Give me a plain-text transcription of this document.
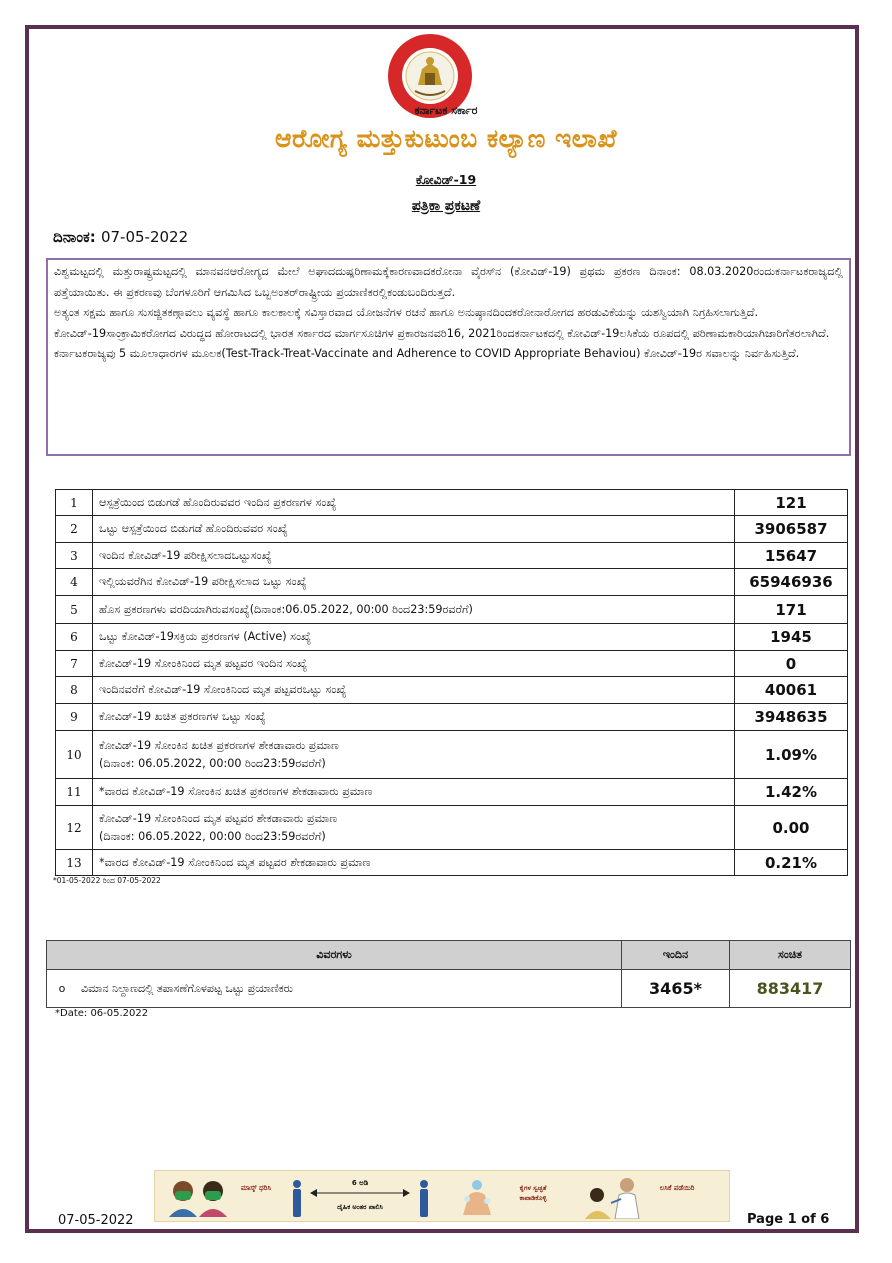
ಕರ್ನಾಟಕ ಸರ್ಕಾರ
ಆರೋಗ್ಯ ಮತ್ತುಕುಟುಂಬ ಕಲ್ಯಾಣ ಇಲಾಖೆ
ಕೋವಿಡ್-19
ಪತ್ರಿಕಾ ಪ್ರಕಟಣೆ
ದಿನಾಂಕ: 07-05-2022

ವಿಶ್ವಮಟ್ಟದಲ್ಲಿ ಮತ್ತುರಾಷ್ಟ್ರಮಟ್ಟದಲ್ಲಿ ಮಾನವನಆರೋಗ್ಯದ ಮೇಲೆ ಅಘಾದದುಷ್ಪರಿಣಾಮಕ್ಕೆಕಾರಣವಾದಕರೋನಾ ವೈರಸ್‍ನ (ಕೋವಿಡ್-19) ಪ್ರಥಮ ಪ್ರಕರಣ ದಿನಾಂಕ: 08.03.2020ರಂದುಕರ್ನಾಟಕರಾಜ್ಯದಲ್ಲಿ ಪತ್ತೆಯಾಯಿತು. ಈ ಪ್ರಕರಣವು ಬೆಂಗಳೂರಿಗೆ ಆಗಮಿಸಿದ ಒಬ್ಬಅಂತರ್‌ರಾಷ್ಟ್ರೀಯ ಪ್ರಯಾಣಿಕರಲ್ಲಿಕಂಡುಬಂದಿರುತ್ತದೆ.

ಅತ್ಯಂತ ಸಕ್ಷಮ ಹಾಗೂ ಸುಸಜ್ಜಿತಕಣ್ಗಾವಲು ವ್ಯವಸ್ಥೆ ಹಾಗೂ ಕಾಲಕಾಲಕ್ಕೆ ಸವಿಸ್ತಾರವಾದ ಯೋಜನೆಗಳ ರಚನೆ ಹಾಗೂ ಅನುಷ್ಠಾನದಿಂದಕರೋನಾರೋಗದ ಹರಡುವಿಕೆಯನ್ನು ಯಶಸ್ವಿಯಾಗಿ ನಿಗ್ರಹಿಸಲಾಗುತ್ತಿದೆ.

ಕೋವಿಡ್-19ಸಾಂಕ್ರಾಮಿಕರೋಗದ ವಿರುದ್ಧದ ಹೋರಾಟದಲ್ಲಿ ಭಾರತ ಸರ್ಕಾರದ ಮಾರ್ಗಸೂಚಿಗಳ ಪ್ರಕಾರಜನವರಿ16, 2021ರಿಂದಕರ್ನಾಟಕದಲ್ಲಿ ಕೋವಿಡ್-19ಲಸಿಕೆಯ ರೂಪದಲ್ಲಿ ಪರಿಣಾಮಕಾರಿಯಾಗಿಜಾರಿಗೆತರಲಾಗಿದೆ.

ಕರ್ನಾಟಕರಾಜ್ಯವು 5 ಮೂಲಾಧಾರಗಳ ಮೂಲಕ(Test-Track-Treat-Vaccinate and Adherence to COVID Appropriate Behaviou) ಕೋವಿಡ್-19ರ ಸವಾಲನ್ನು ನಿರ್ವಹಿಸುತ್ತಿದೆ.

1	ಆಸ್ಪತ್ರೆಯಿಂದ ಬಿಡುಗಡೆ ಹೊಂದಿರುವವರ ಇಂದಿನ ಪ್ರಕರಣಗಳ ಸಂಖ್ಯೆ	121
2	ಒಟ್ಟು ಆಸ್ಪತ್ರೆಯಿಂದ ಬಿಡುಗಡೆ ಹೊಂದಿರುವವರ ಸಂಖ್ಯೆ	3906587
3	ಇಂದಿನ ಕೋವಿಡ್-19 ಪರೀಕ್ಷಿಸಲಾದಒಟ್ಟುಸಂಖ್ಯೆ	15647
4	ಇಲ್ಲಿಯವರೆಗಿನ ಕೋವಿಡ್-19 ಪರೀಕ್ಷಿಸಲಾದ ಒಟ್ಟು ಸಂಖ್ಯೆ	65946936
5	ಹೊಸ ಪ್ರಕರಣಗಳು ವರದಿಯಾಗಿರುವಸಂಖ್ಯೆ(ದಿನಾಂಕ:06.05.2022, 00:00 ರಿಂದ23:59ರವರೆಗೆ)	171
6	ಒಟ್ಟು ಕೋವಿಡ್-19ಸಕ್ರಿಯ ಪ್ರಕರಣಗಳ (Active) ಸಂಖ್ಯೆ	1945
7	ಕೋವಿಡ್-19 ಸೋಂಕಿನಿಂದ ಮೃತ ಪಟ್ಟವರ ಇಂದಿನ ಸಂಖ್ಯೆ	0
8	ಇಂದಿನವರೆಗೆ ಕೋವಿಡ್-19 ಸೋಂಕಿನಿಂದ ಮೃತ ಪಟ್ಟವರಒಟ್ಟು ಸಂಖ್ಯೆ	40061
9	ಕೋವಿಡ್-19 ಖಚಿತ ಪ್ರಕರಣಗಳ ಒಟ್ಟು ಸಂಖ್ಯೆ	3948635
10	ಕೋವಿಡ್-19 ಸೋಂಕಿನ ಖಚಿತ ಪ್ರಕರಣಗಳ ಶೇಕಡಾವಾರು ಪ್ರಮಾಣ
(ದಿನಾಂಕ: 06.05.2022, 00:00 ರಿಂದ23:59ರವರೆಗೆ)	1.09%
11	*ವಾರದ ಕೋವಿಡ್-19 ಸೋಂಕಿನ ಖಚಿತ ಪ್ರಕರಣಗಳ ಶೇಕಡಾವಾರು ಪ್ರಮಾಣ	1.42%
12	ಕೋವಿಡ್-19 ಸೋಂಕಿನಿಂದ ಮೃತ ಪಟ್ಟವರ ಶೇಕಡಾವಾರು ಪ್ರಮಾಣ
(ದಿನಾಂಕ: 06.05.2022, 00:00 ರಿಂದ23:59ರವರೆಗೆ)	0.00
13	*ವಾರದ ಕೋವಿಡ್-19 ಸೋಂಕಿನಿಂದ ಮೃತ ಪಟ್ಟವರ ಶೇಕಡಾವಾರು ಪ್ರಮಾಣ	0.21%
*01-05-2022 ರಿಂದ 07-05-2022
ವಿವರಗಳು		ಇಂದಿನ	ಸಂಚಿತ
o	ವಿಮಾನ ನಿಲ್ದಾಣದಲ್ಲಿ ತಪಾಸಣೆಗೊಳಪಟ್ಟ ಒಟ್ಟು ಪ್ರಯಾಣಿಕರು	3465*	883417
*Date: 06-05.2022
ಮಾಸ್ಕ್ ಧರಿಸಿ
6 ಅಡಿ
ದೈಹಿಕ ಅಂತರ ಪಾಲಿಸಿ
ಕೈಗಳ ಸ್ವಚ್ಛತೆ ಕಾಪಾಡಿಕೊಳ್ಳಿ
ಲಸಿಕೆ ಪಡೆಯಿರಿ
07-05-2022	Page 1 of 6
